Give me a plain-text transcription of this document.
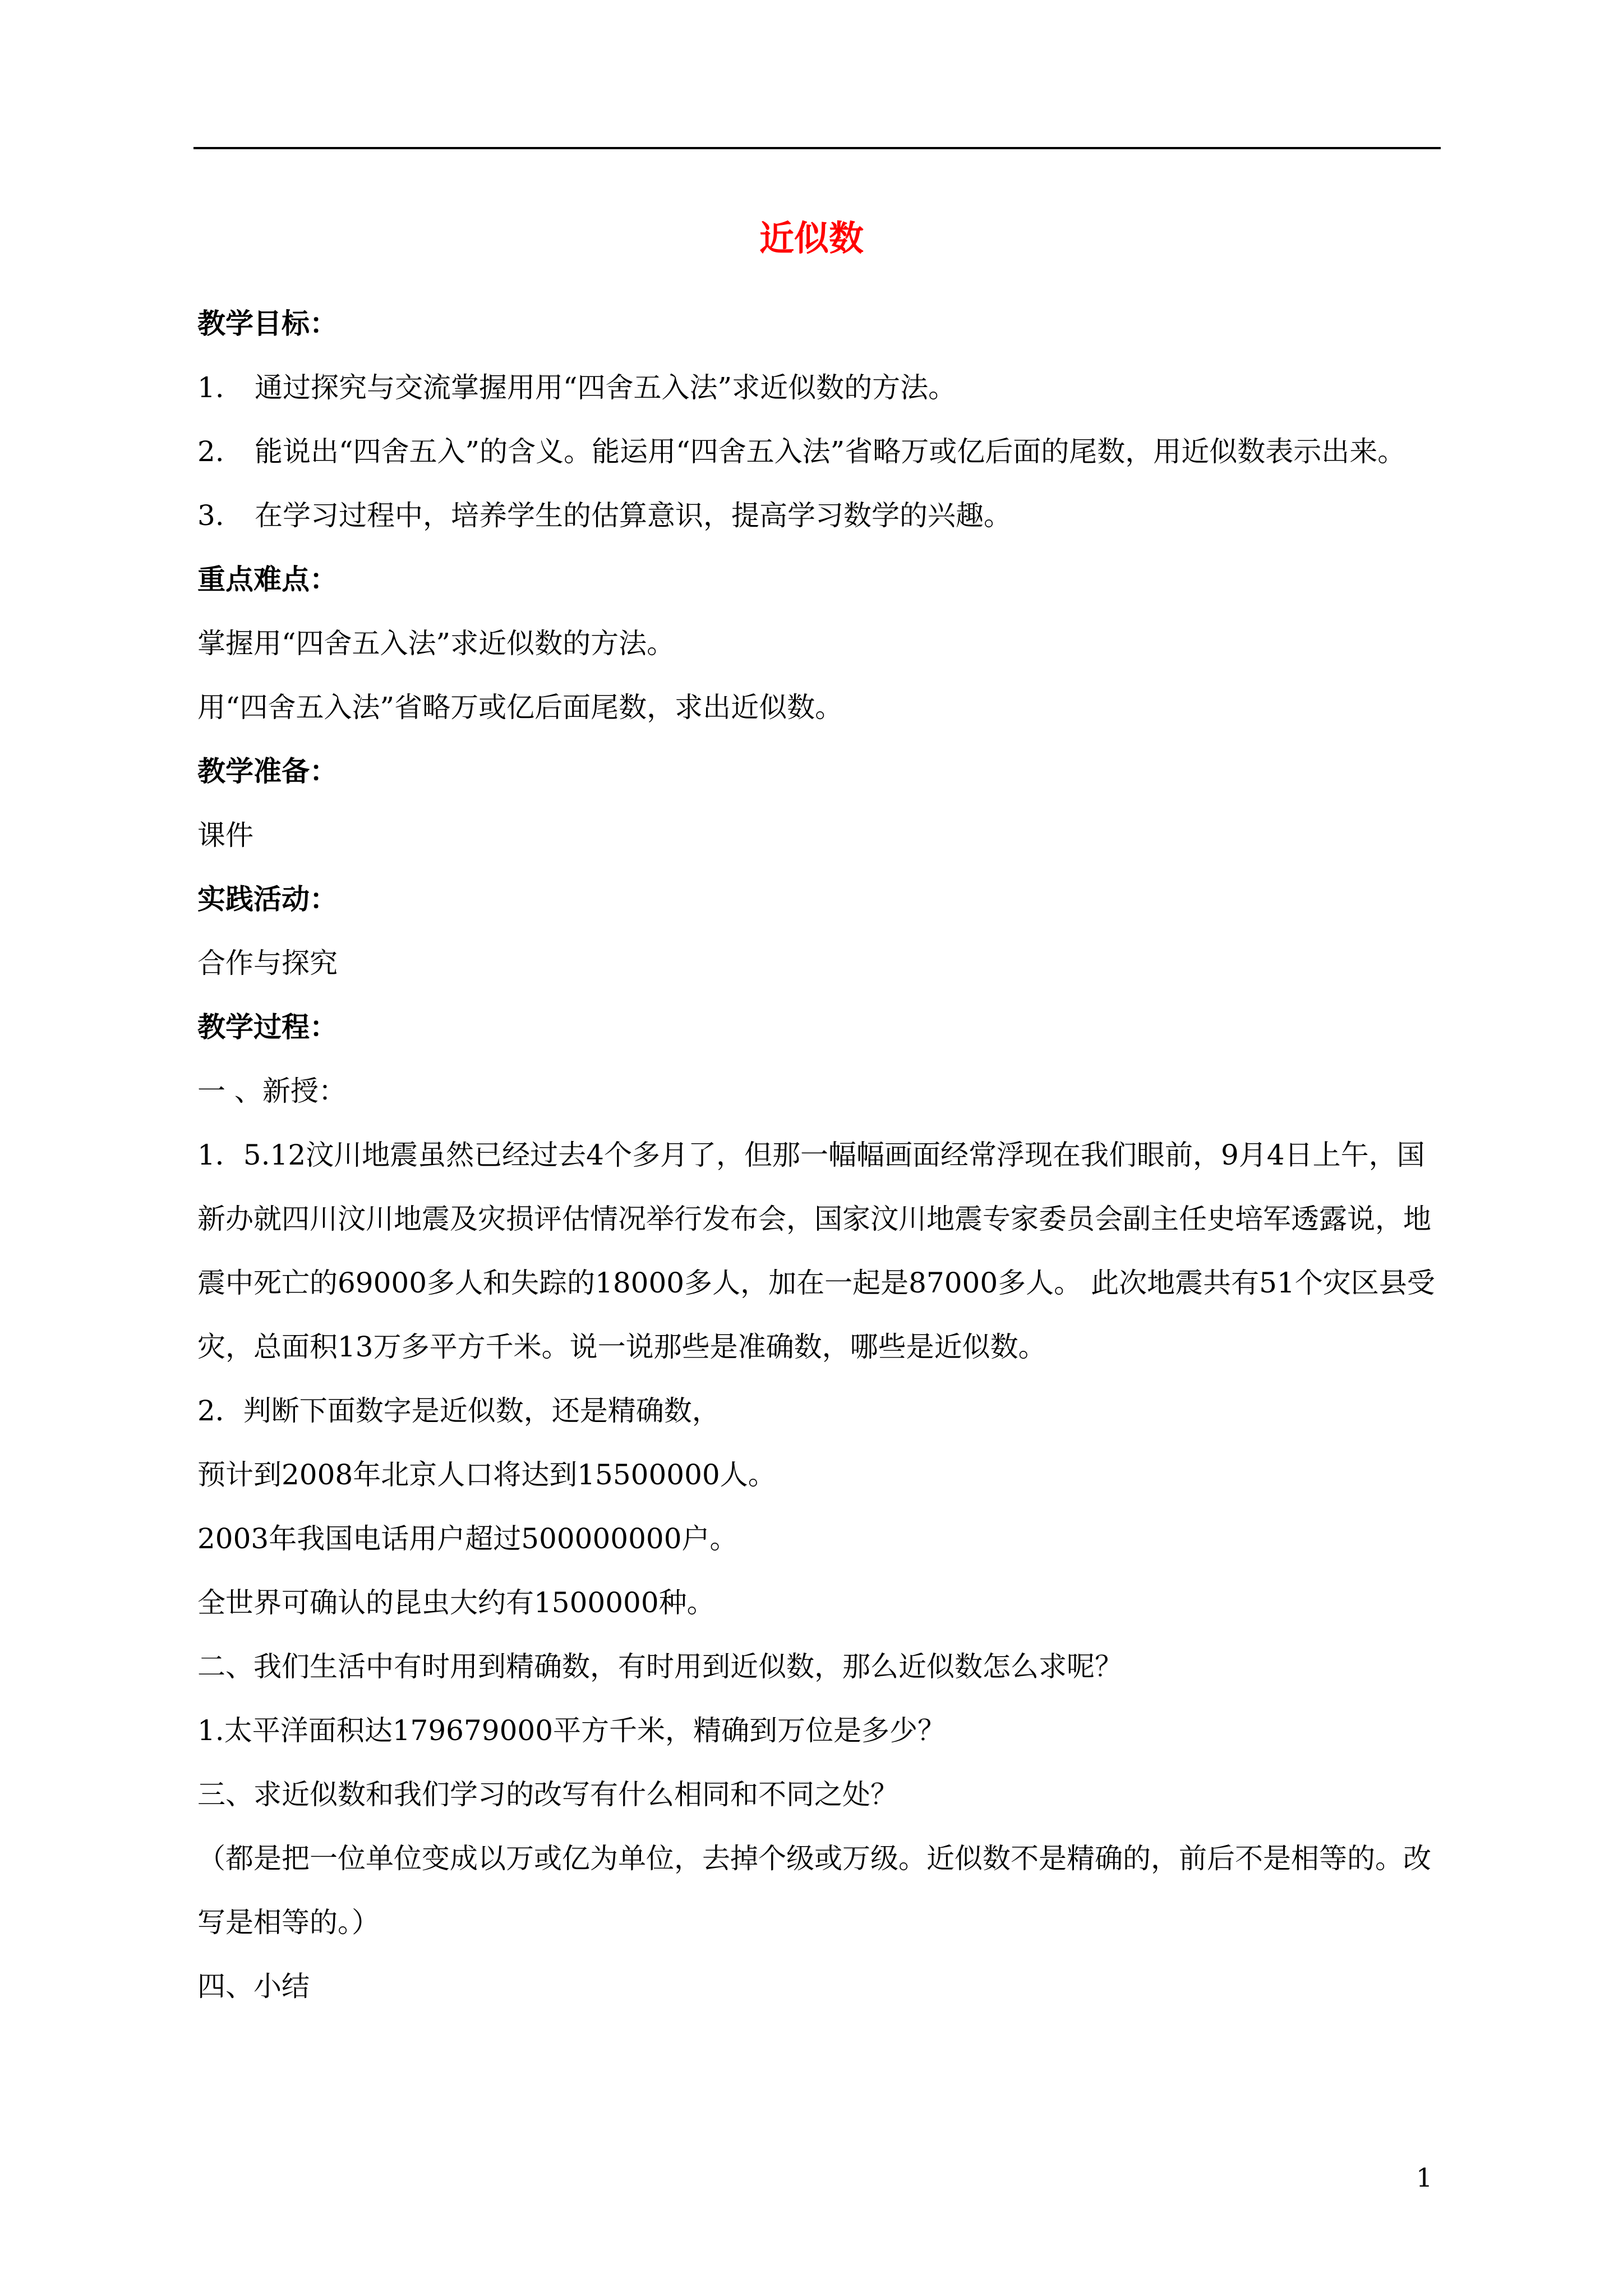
近似数
教学目标：
1.	通过探究与交流掌握用用“四舍五入法”求近似数的方法。
2.	能说出“四舍五入”的含义。能运用“四舍五入法”省略万或亿后面的尾数，用近似数表示出来。
3.	在学习过程中，培养学生的估算意识，提高学习数学的兴趣。
重点难点：
掌握用“四舍五入法”求近似数的方法。
用“四舍五入法”省略万或亿后面尾数，求出近似数。
教学准备：
课件
实践活动：
合作与探究
教学过程：
一 、新授：
1．5.12汶川地震虽然已经过去4个多月了，但那一幅幅画面经常浮现在我们眼前，9月4日上午，国新办就四川汶川地震及灾损评估情况举行发布会，国家汶川地震专家委员会副主任史培军透露说，地震中死亡的69000多人和失踪的18000多人，加在一起是87000多人。 此次地震共有51个灾区县受灾，总面积13万多平方千米。说一说那些是准确数，哪些是近似数。
2．判断下面数字是近似数，还是精确数，
预计到2008年北京人口将达到15500000人。
2003年我国电话用户超过500000000户。
全世界可确认的昆虫大约有1500000种。
二、我们生活中有时用到精确数，有时用到近似数，那么近似数怎么求呢？
1.太平洋面积达179679000平方千米，精确到万位是多少？
三、求近似数和我们学习的改写有什么相同和不同之处？
（都是把一位单位变成以万或亿为单位，去掉个级或万级。近似数不是精确的，前后不是相等的。改写是相等的。）
四、小结
1
